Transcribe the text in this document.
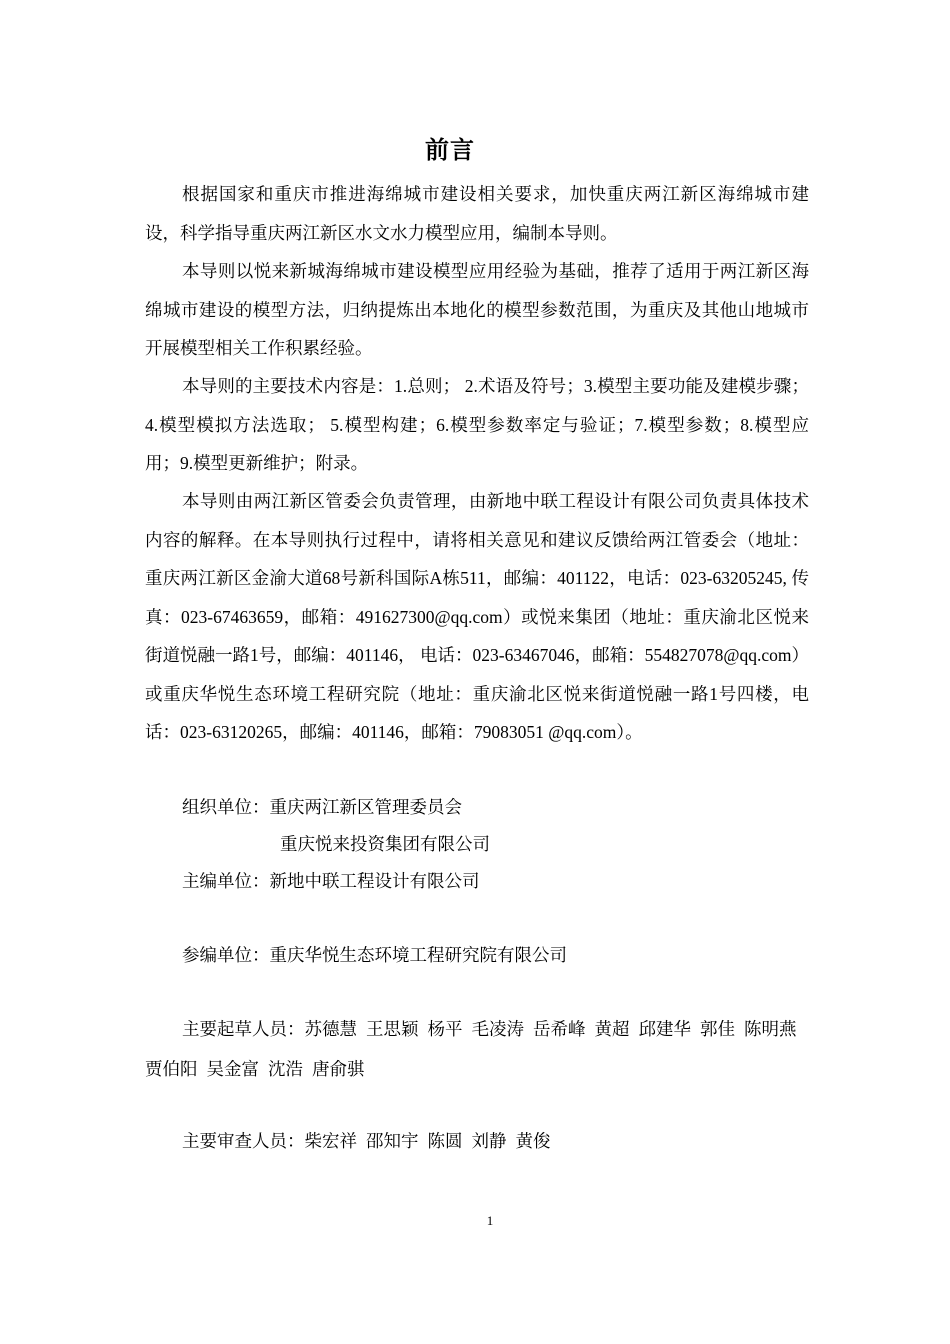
前言

根据国家和重庆市推进海绵城市建设相关要求，加快重庆两江新区海绵城市建设，科学指导重庆两江新区水文水力模型应用，编制本导则。

本导则以悦来新城海绵城市建设模型应用经验为基础，推荐了适用于两江新区海绵城市建设的模型方法，归纳提炼出本地化的模型参数范围，为重庆及其他山地城市开展模型相关工作积累经验。

本导则的主要技术内容是：1.总则； 2.术语及符号；3.模型主要功能及建模步骤；4.模型模拟方法选取； 5.模型构建；6.模型参数率定与验证；7.模型参数；8.模型应用；9.模型更新维护；附录。

本导则由两江新区管委会负责管理，由新地中联工程设计有限公司负责具体技术内容的解释。在本导则执行过程中，请将相关意见和建议反馈给两江管委会（地址：重庆两江新区金渝大道68号新科国际A栋511，邮编：401122，电话：023-63205245, 传真：023-67463659，邮箱：491627300@qq.com）或悦来集团（地址：重庆渝北区悦来街道悦融一路1号，邮编：401146， 电话：023-63467046，邮箱：554827078@qq.com）或重庆华悦生态环境工程研究院（地址：重庆渝北区悦来街道悦融一路1号四楼，电话：023-63120265，邮编：401146，邮箱：79083051 @qq.com）。

组织单位：重庆两江新区管理委员会
重庆悦来投资集团有限公司
主编单位：新地中联工程设计有限公司
参编单位：重庆华悦生态环境工程研究院有限公司

主要起草人员：苏德慧 王思颖 杨平 毛凌涛 岳希峰 黄超 邱建华 郭佳 陈明燕贾伯阳 吴金富 沈浩 唐俞骐

主要审查人员：柴宏祥 邵知宇 陈圆 刘静 黄俊

1
